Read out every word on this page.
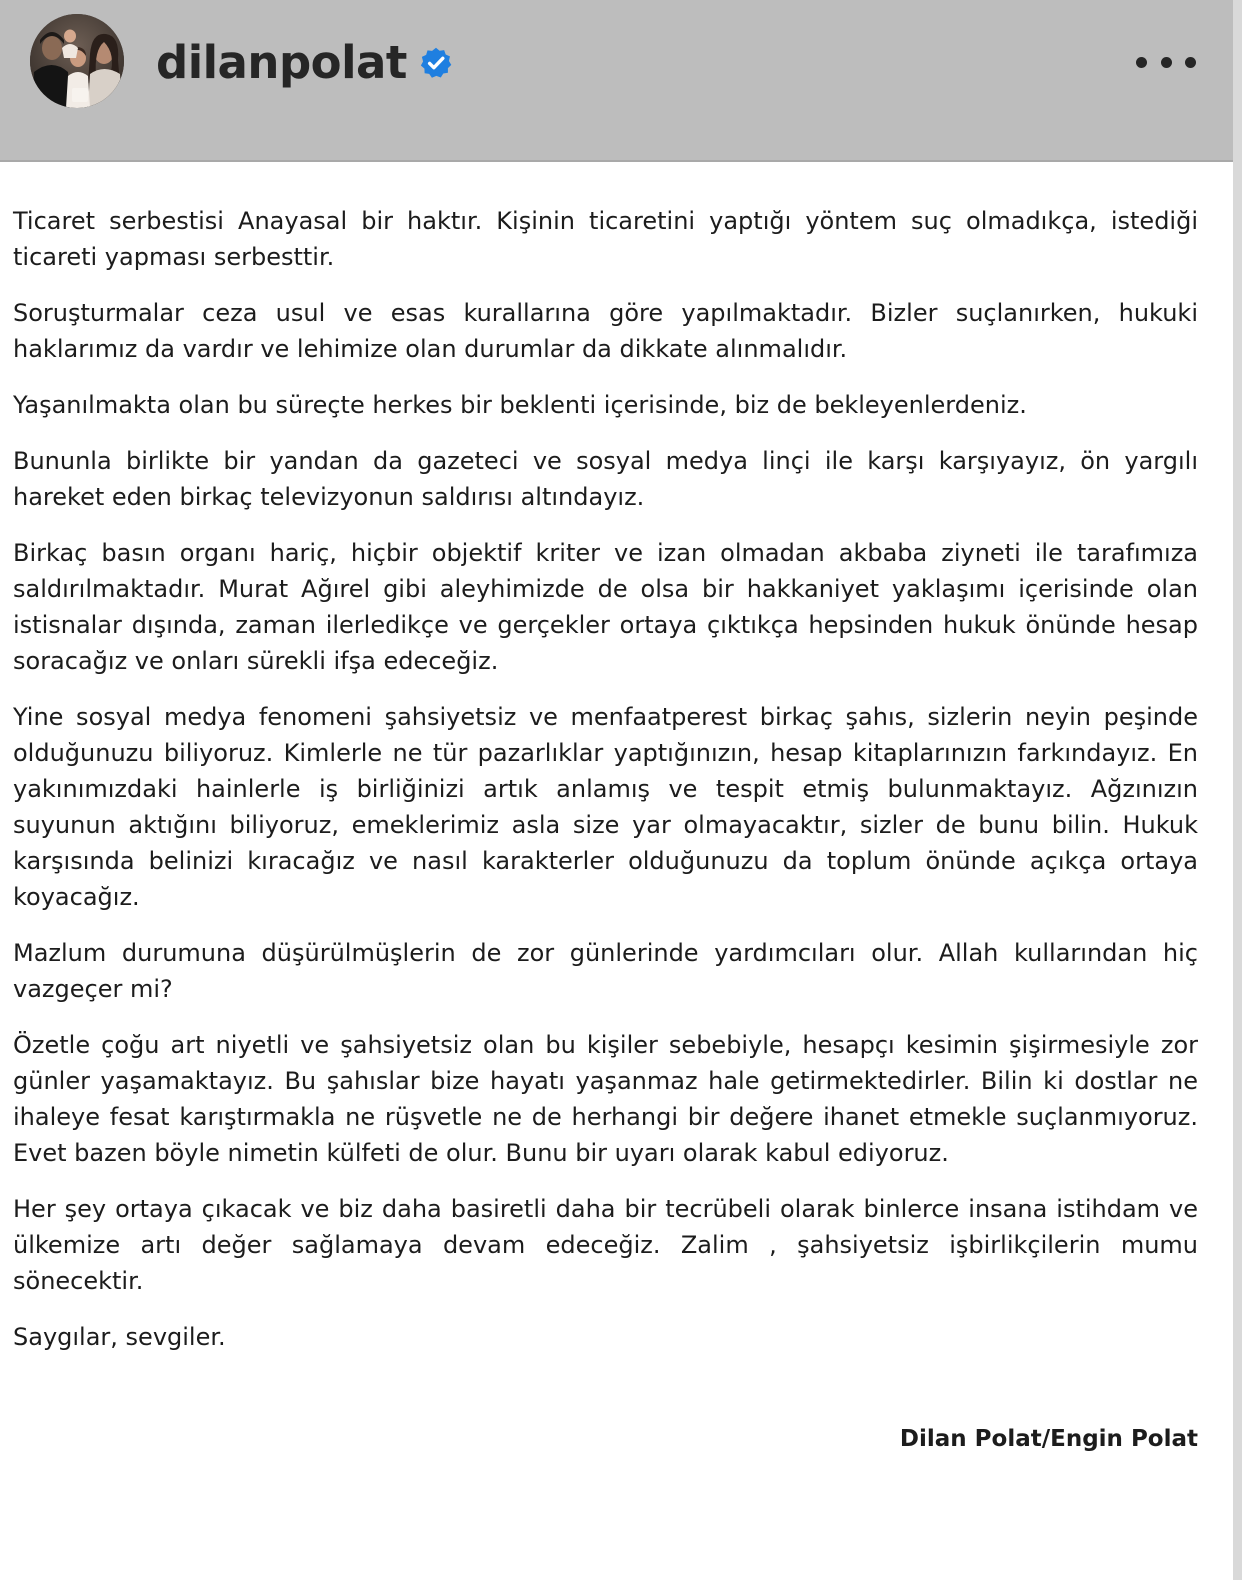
dilanpolat

Ticaret serbestisi Anayasal bir haktır. Kişinin ticaretini yaptığı yöntem suç olmadıkça, istediği ticareti yapması serbesttir.

Soruşturmalar ceza usul ve esas kurallarına göre yapılmaktadır. Bizler suçlanırken, hukuki haklarımız da vardır ve lehimize olan durumlar da dikkate alınmalıdır.

Yaşanılmakta olan bu süreçte herkes bir beklenti içerisinde, biz de bekleyenlerdeniz.

Bununla birlikte bir yandan da gazeteci ve sosyal medya linçi ile karşı karşıyayız, ön yargılı hareket eden birkaç televizyonun saldırısı altındayız.

Birkaç basın organı hariç, hiçbir objektif kriter ve izan olmadan akbaba ziyneti ile tarafımıza saldırılmaktadır. Murat Ağırel gibi aleyhimizde de olsa bir hakkaniyet yaklaşımı içerisinde olan istisnalar dışında, zaman ilerledikçe ve gerçekler ortaya çıktıkça hepsinden hukuk önünde hesap soracağız ve onları sürekli ifşa edeceğiz.

Yine sosyal medya fenomeni şahsiyetsiz ve menfaatperest birkaç şahıs, sizlerin neyin peşinde olduğunuzu biliyoruz. Kimlerle ne tür pazarlıklar yaptığınızın, hesap kitaplarınızın farkındayız. En yakınımızdaki hainlerle iş birliğinizi artık anlamış ve tespit etmiş bulunmaktayız. Ağzınızın suyunun aktığını biliyoruz, emeklerimiz asla size yar olmayacaktır, sizler de bunu bilin. Hukuk karşısında belinizi kıracağız ve nasıl karakterler olduğunuzu da toplum önünde açıkça ortaya koyacağız.

Mazlum durumuna düşürülmüşlerin de zor günlerinde yardımcıları olur. Allah kullarından hiç vazgeçer mi?

Özetle çoğu art niyetli ve şahsiyetsiz olan bu kişiler sebebiyle, hesapçı kesimin şişirmesiyle zor günler yaşamaktayız. Bu şahıslar bize hayatı yaşanmaz hale getirmektedirler. Bilin ki dostlar ne ihaleye fesat karıştırmakla ne rüşvetle ne de herhangi bir değere ihanet etmekle suçlanmıyoruz. Evet bazen böyle nimetin külfeti de olur. Bunu bir uyarı olarak kabul ediyoruz.

Her şey ortaya çıkacak ve biz daha basiretli daha bir tecrübeli olarak binlerce insana istihdam ve ülkemize artı değer sağlamaya devam edeceğiz. Zalim , şahsiyetsiz işbirlikçilerin mumu sönecektir.

Saygılar, sevgiler.

Dilan Polat/Engin Polat
